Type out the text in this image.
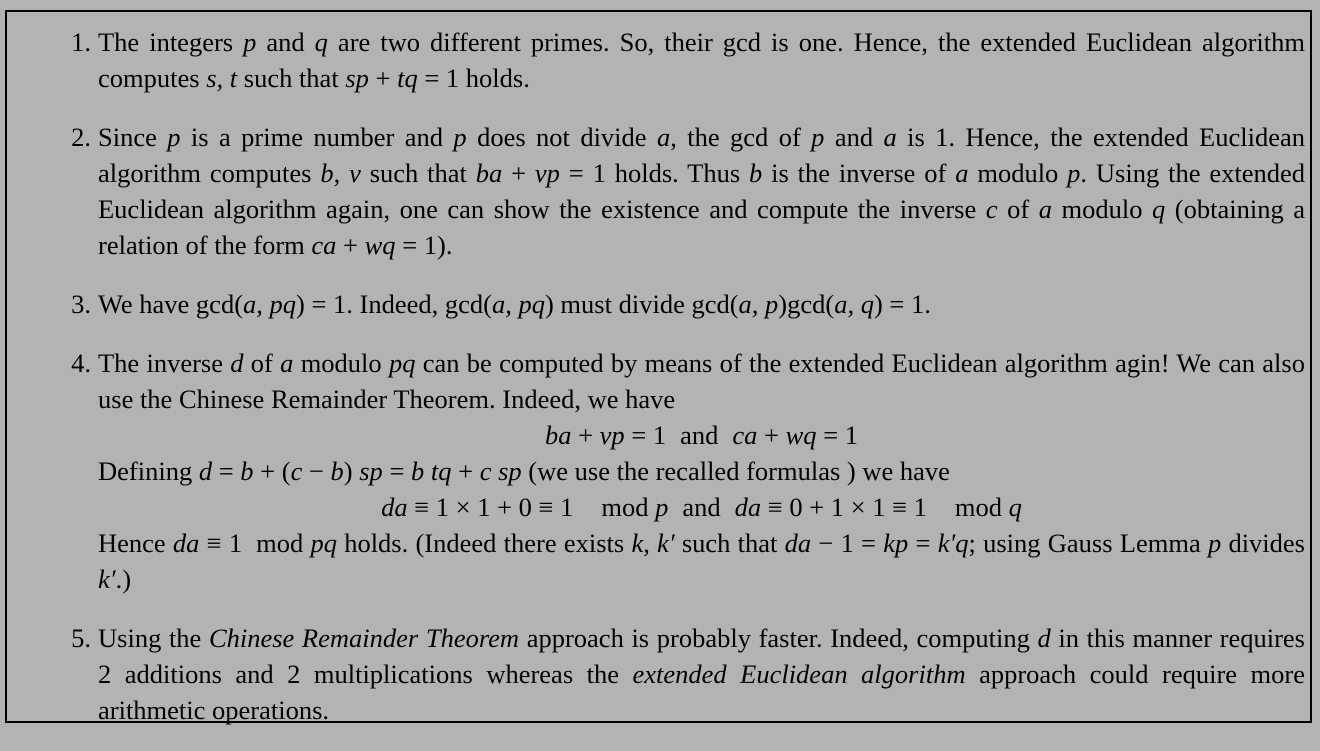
1. The integers p and q are two different primes. So, their gcd is one. Hence, the extended Euclidean algorithm computes s, t such that sp + tq = 1 holds.
2. Since p is a prime number and p does not divide a, the gcd of p and a is 1. Hence, the extended Euclidean algorithm computes b, v such that ba + vp = 1 holds. Thus b is the inverse of a modulo p. Using the extended Euclidean algorithm again, one can show the existence and compute the inverse c of a modulo q (obtaining a relation of the form ca + wq = 1).
3. We have gcd(a, pq) = 1. Indeed, gcd(a, pq) must divide gcd(a, p)gcd(a, q) = 1.
4. The inverse d of a modulo pq can be computed by means of the extended Euclidean algorithm agin! We can also use the Chinese Remainder Theorem. Indeed, we have
ba + vp = 1 and ca + wq = 1
Defining d = b + (c − b) sp = b tq + c sp (we use the recalled formulas ) we have
da ≡ 1 × 1 + 0 ≡ 1 mod p and da ≡ 0 + 1 × 1 ≡ 1 mod q
Hence da ≡ 1 mod pq holds. (Indeed there exists k, k′ such that da − 1 = kp = k′q; using Gauss Lemma p divides k′.)
5. Using the Chinese Remainder Theorem approach is probably faster. Indeed, computing d in this manner requires 2 additions and 2 multiplications whereas the extended Euclidean algorithm approach could require more arithmetic operations.
